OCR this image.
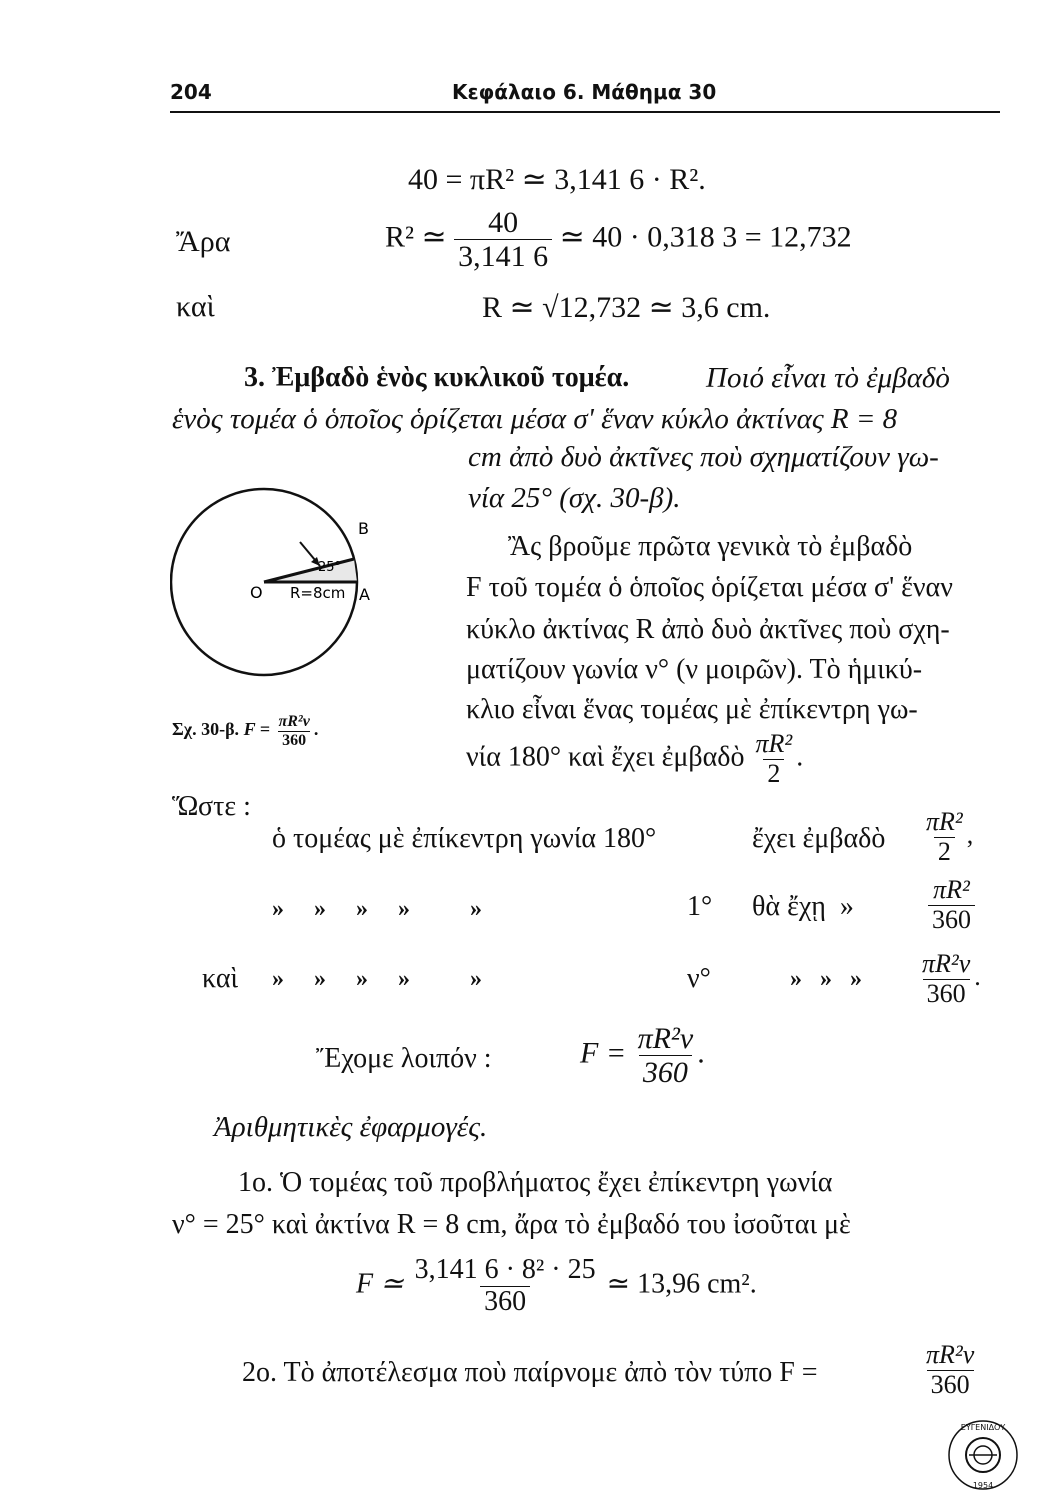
204	Κεφάλαιο 6. Μάθημα 30
40 = πR² ≃ 3,141 6 · R².
Ἄρα	R² ≃ $\frac{40}{3,141 6}$ ≃ 40 · 0,318 3 = 12,732
καὶ	R ≃ √12,732 ≃ 3,6 cm.
3. Ἐμβαδὸ ἑνὸς κυκλικοῦ τομέα.	Ποιό εἶναι τὸ ἐμβαδὸ
ἑνὸς τομέα ὁ ὁποῖος ὁρίζεται μέσα σ' ἕναν κύκλο ἀκτίνας R = 8
cm ἀπὸ δυὸ ἀκτῖνες ποὺ σχηματίζουν γω-
νία 25° (σχ. 30-β).
Ἂς βροῦμε πρῶτα γενικὰ τὸ ἐμβαδὸ
F τοῦ τομέα ὁ ὁποῖος ὁρίζεται μέσα σ' ἕναν
κύκλο ἀκτίνας R ἀπὸ δυὸ ἀκτῖνες ποὺ σχη-
ματίζουν γωνία ν° (ν μοιρῶν). Τὸ ἡμικύ-
κλιο εἶναι ἕνας τομέας μὲ ἐπίκεντρη γω-
νία 180° καὶ ἔχει ἐμβαδὸ $\frac{\text{πR²}}{2}$ .
O	A
B
R=8cm
25°
Σχ. 30-β. $F = \frac{\text{πR²ν}}{360}$ .
Ὥστε :
ὁ τομέας μὲ ἐπίκεντρη γωνία 180°	ἔχει ἐμβαδὸ $\frac{\text{πR²}}{2}$ ,
»     »     »     »          »	1° θὰ ἔχῃ  »	$\frac{\text{πR²}}{360}$
καὶ »     »     »     »          »	ν°	»   »   » $\frac{\text{πR²ν}}{360}$ .
Ἔχομε λοιπόν :	$F = \frac{\text{πR²ν}}{360}$ .
Ἀριθμητικὲς ἐφαρμογές.
1ο. Ὁ τομέας τοῦ προβλήματος ἔχει ἐπίκεντρη γωνία
ν° = 25° καὶ ἀκτίνα R = 8 cm, ἄρα τὸ ἐμβαδό του ἰσοῦται μὲ
F ≃ $\frac{\text{3,141 6 · 8² · 25}}{360}$ ≃ 13,96 cm².
2ο. Τὸ ἀποτέλεσμα ποὺ παίρνομε ἀπὸ τὸν τύπο F =	$\frac{\text{πR²ν}}{360}$
ΕΥΓΕΝΙΔΟΥ
1954
